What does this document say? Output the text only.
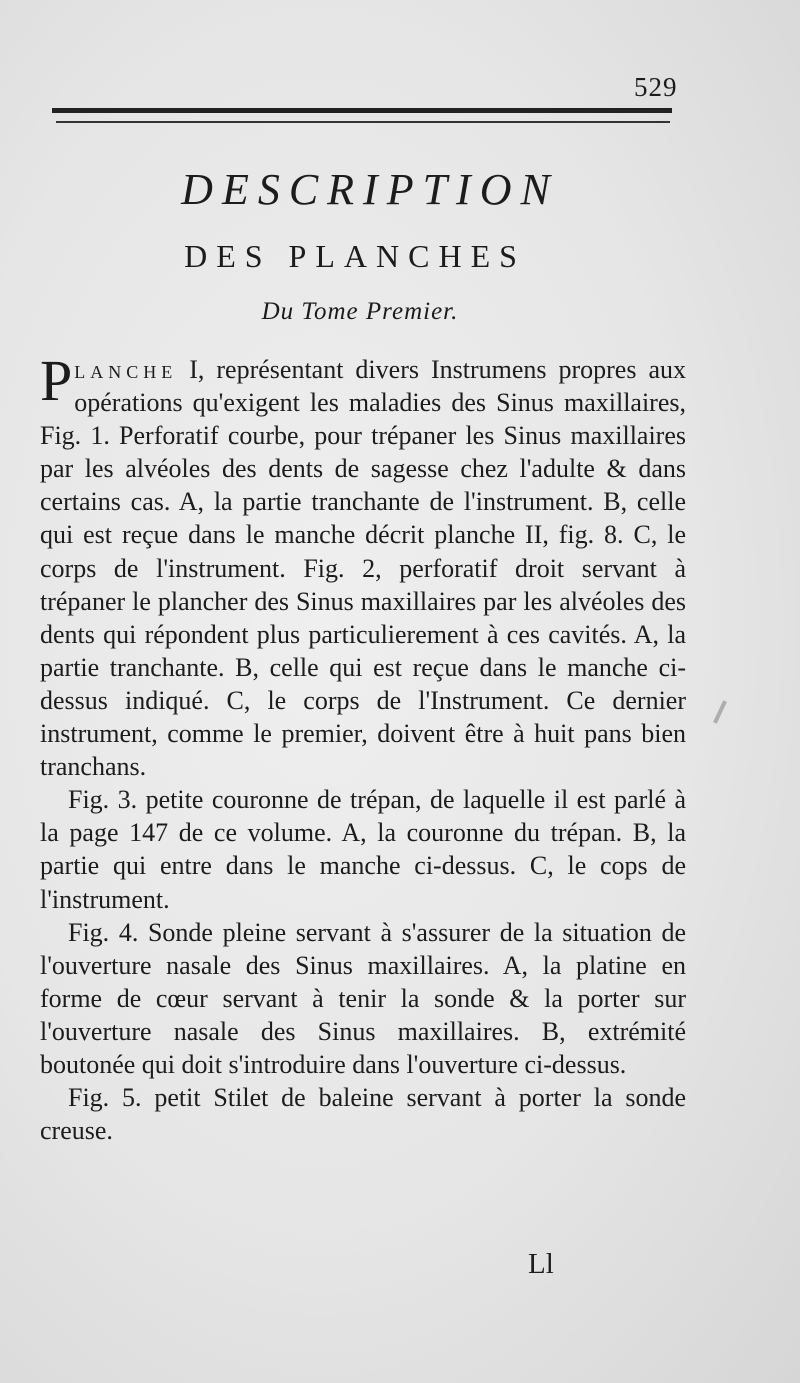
529
DESCRIPTION
DES PLANCHES
Du Tome Premier.

Planche I, représentant divers Instrumens propres aux opérations qu'exigent les maladies des Sinus maxillaires, Fig. 1. Perforatif courbe, pour trépaner les Sinus maxillaires par les alvéoles des dents de sagesse chez l'adulte & dans certains cas. A, la partie tranchante de l'instrument. B, celle qui est reçue dans le manche décrit planche II, fig. 8. C, le corps de l'instrument. Fig. 2, perforatif droit servant à trépaner le plancher des Sinus maxillaires par les alvéoles des dents qui répondent plus particulierement à ces cavités. A, la partie tranchante. B, celle qui est reçue dans le manche ci-dessus indiqué. C, le corps de l'Instrument. Ce dernier instrument, comme le premier, doivent être à huit pans bien tranchans.

Fig. 3. petite couronne de trépan, de laquelle il est parlé à la page 147 de ce volume. A, la couronne du trépan. B, la partie qui entre dans le manche ci-dessus. C, le cops de l'instrument.

Fig. 4. Sonde pleine servant à s'assurer de la situation de l'ouverture nasale des Sinus maxillaires. A, la platine en forme de cœur servant à tenir la sonde & la porter sur l'ouverture nasale des Sinus maxillaires. B, extrémité boutonée qui doit s'introduire dans l'ouverture ci-dessus.

Fig. 5. petit Stilet de baleine servant à porter la sonde creuse.

Ll
